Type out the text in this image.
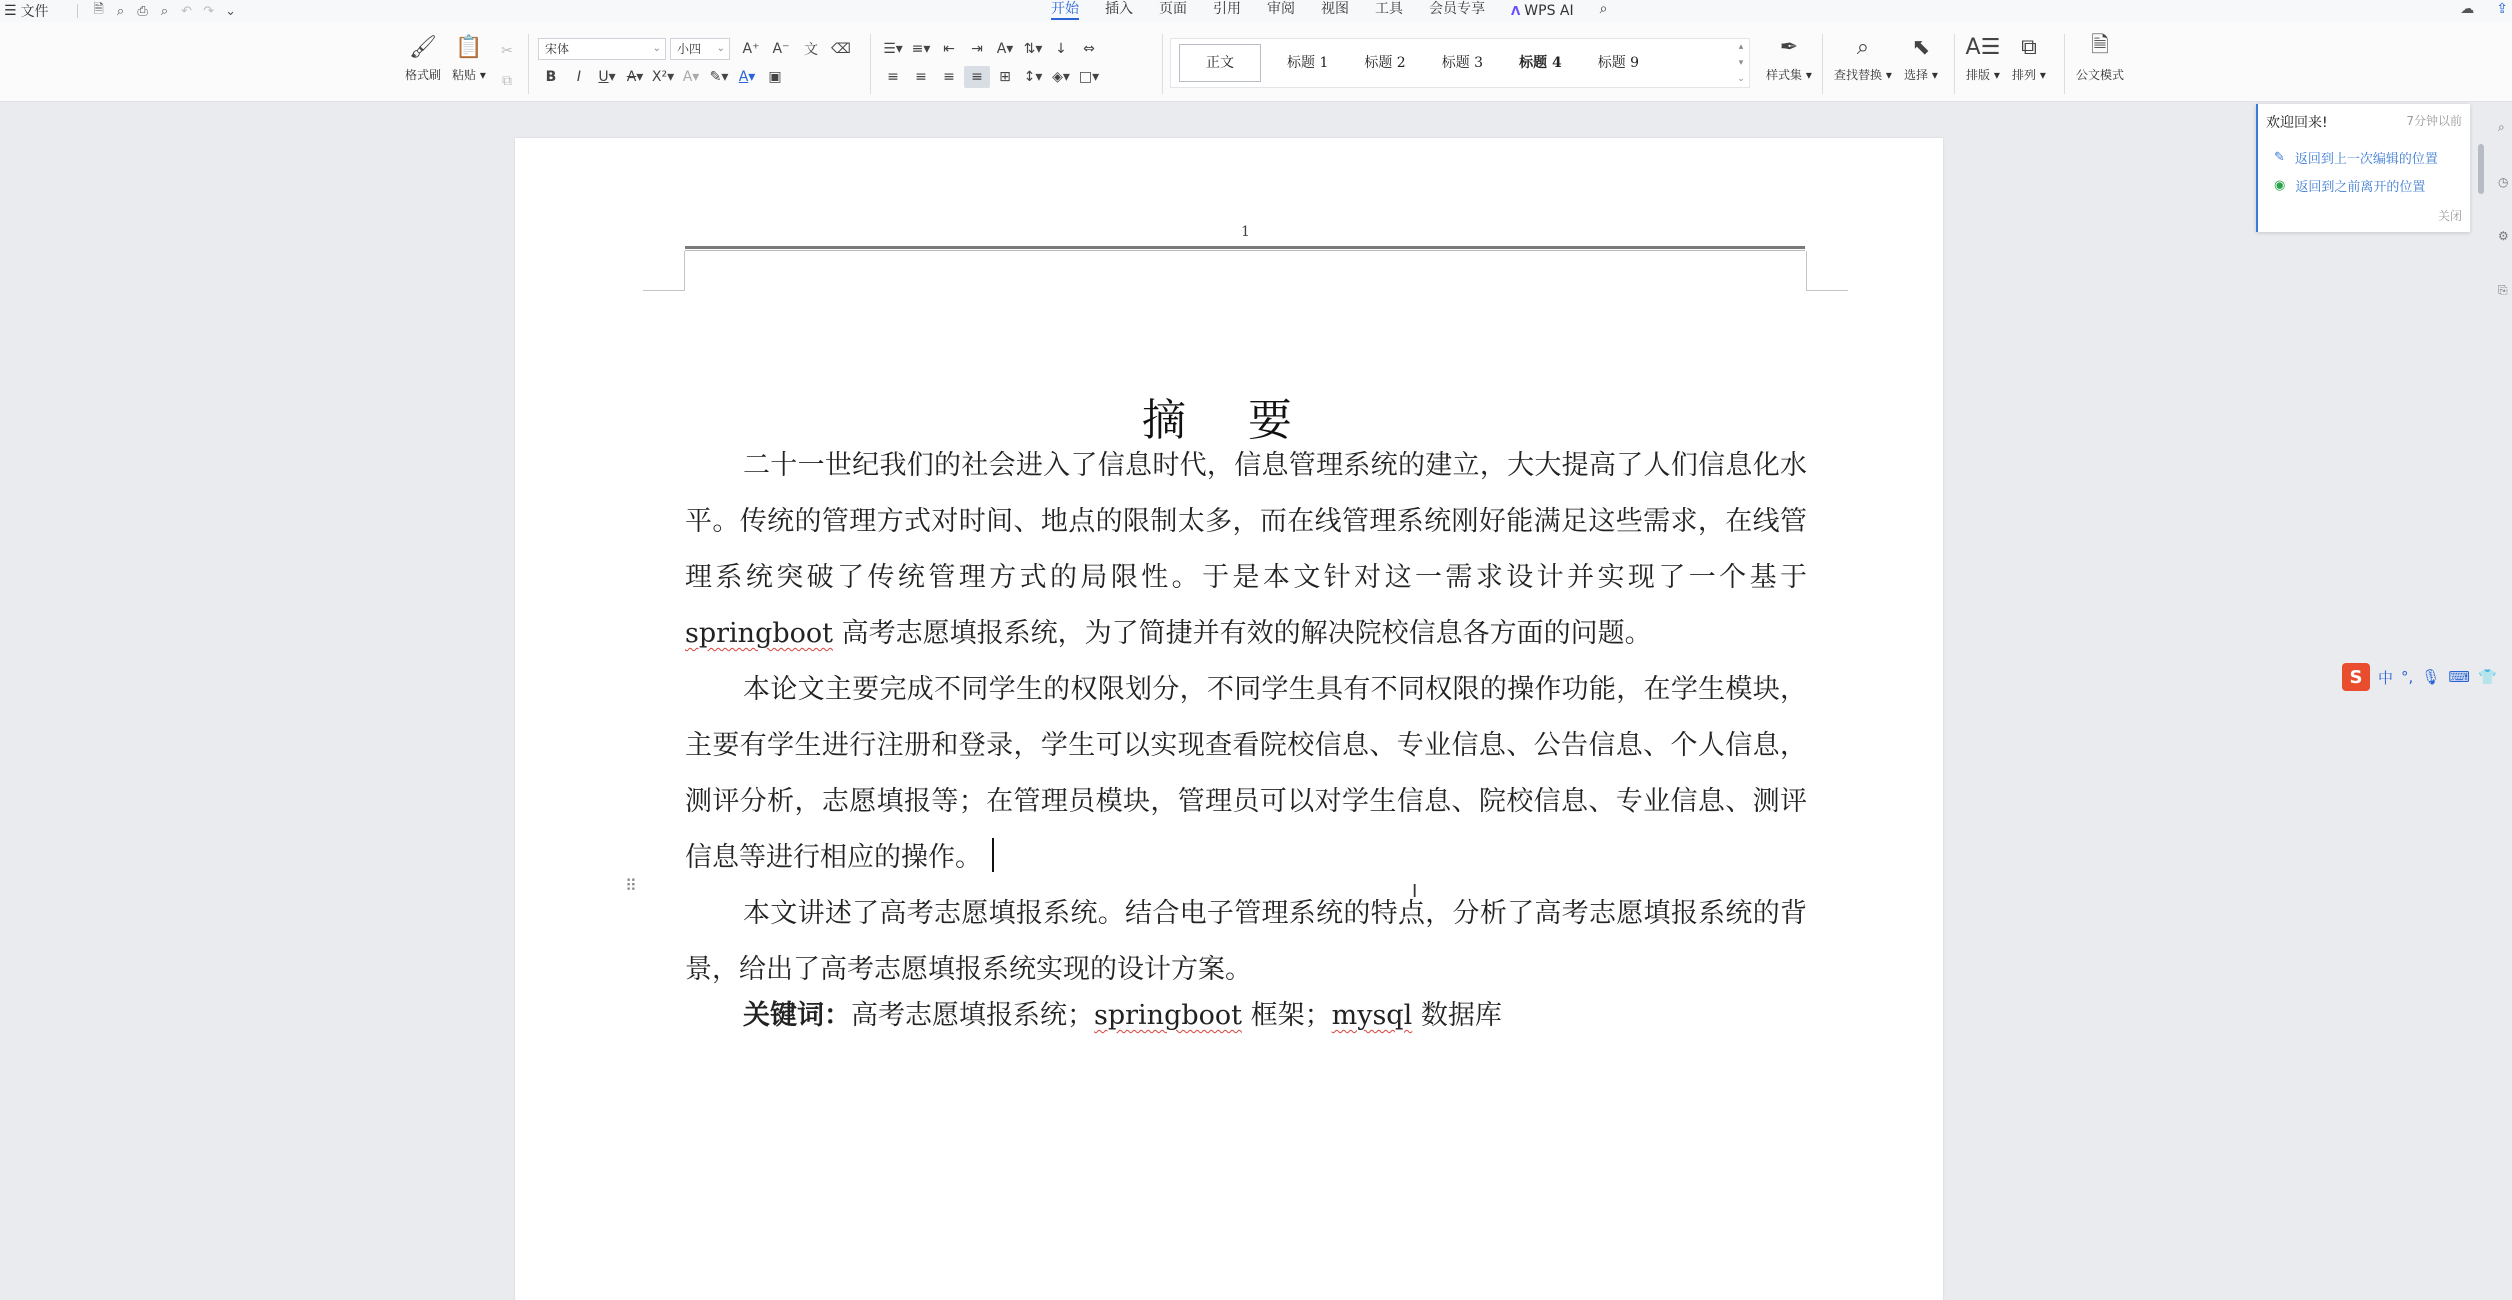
☰ 文件	🗎	⌕	⎙	⌕ ↶ ↷ ⌄	开始	插入	页面	引用	审阅	视图	工具	会员专享	Λ WPS AI	⌕	☁ ⇪
🖌
格式刷
📋
粘贴 ▾
✂
⧉
宋体	⌄	小四 ⌄	A⁺ A⁻	文 ⌫
B I U ▾ A ▾ X²▾ A▾ ✎▾ A ▾ ▣
☰▾ ≡▾ ⇤	⇥ A▾ ⇅▾ ↓	⇔
≡	≡	≡	≡	⊞ ↕▾ ◈▾ □▾
正文	标题 1	标题 2	标题 3	标题 4	标题 9
▴
▾
⌄
✒
样式集 ▾
⌕
查找替换 ▾
⬉
选择 ▾
A☰
排版 ▾
⧉
排列 ▾
🗎
公文模式
1
摘 要

二十一世纪我们的社会进入了信息时代，信息管理系统的建立，大大提高了人们信息化水平。传统的管理方式对时间、地点的限制太多，而在线管理系统刚好能满足这些需求，在线管理系统突破了传统管理方式的局限性。于是本文针对这一需求设计并实现了一个基于 springboot 高考志愿填报系统，为了简捷并有效的解决院校信息各方面的问题。

本论文主要完成不同学生的权限划分，不同学生具有不同权限的操作功能，在学生模块，主要有学生进行注册和登录，学生可以实现查看院校信息、专业信息、公告信息、个人信息，测评分析，志愿填报等；在管理员模块，管理员可以对学生信息、院校信息、专业信息、测评信息等进行相应的操作。

本文讲述了高考志愿填报系统。结合电子管理系统的特点，分析了高考志愿填报系统的背景，给出了高考志愿填报系统实现的设计方案。

关键词：高考志愿填报系统；springboot 框架；mysql 数据库

⠿	I
欢迎回来!	7分钟以前
✎ 返回到上一次编辑的位置
◉ 返回到之前离开的位置
关闭
⌕
◷
⚙
⎘
S	中 °, 🎙 ⌨ 👕
